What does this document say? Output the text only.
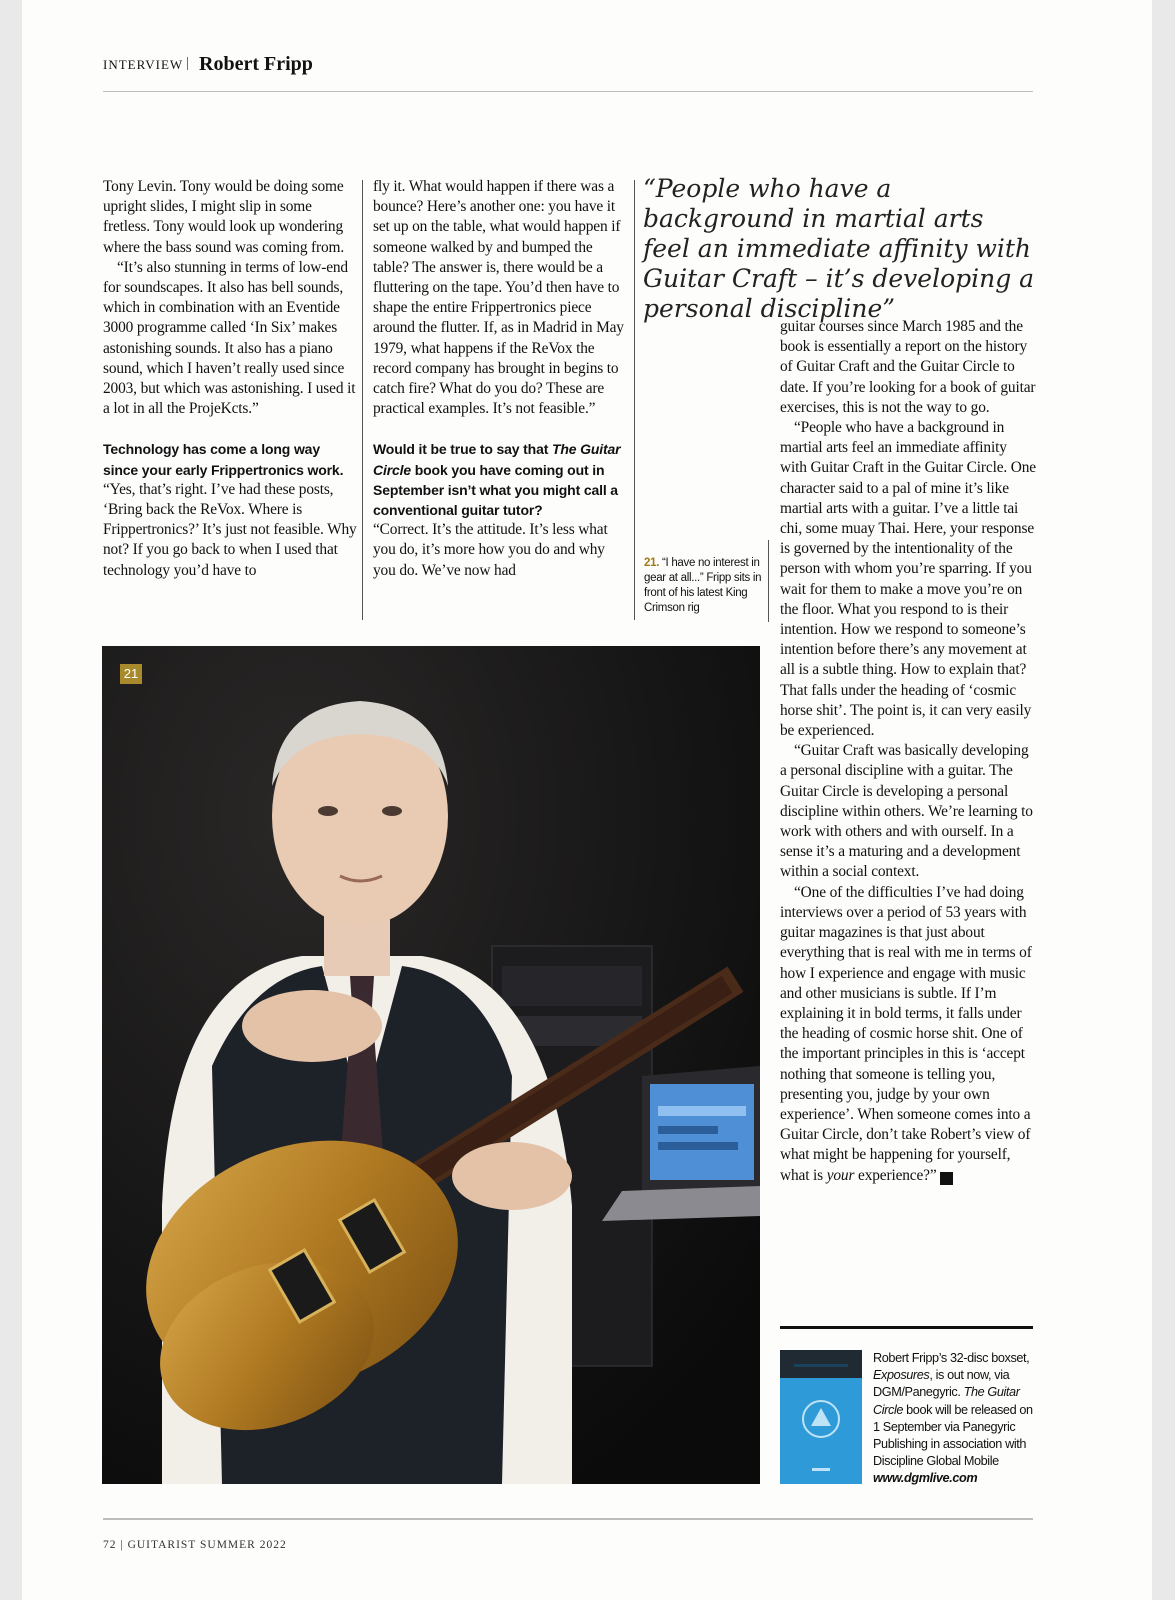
INTERVIEW | Robert Fripp

Tony Levin. Tony would be doing some upright slides, I might slip in some fretless. Tony would look up wondering where the bass sound was coming from.

“It’s also stunning in terms of low-end for soundscapes. It also has bell sounds, which in combination with an Eventide 3000 programme called ‘In Six’ makes astonishing sounds. It also has a piano sound, which I haven’t really used since 2003, but which was astonishing. I used it a lot in all the ProjeKcts.”

Technology has come a long way since your early Frippertronics work.

“Yes, that’s right. I’ve had these posts, ‘Bring back the ReVox. Where is Frippertronics?’ It’s just not feasible. Why not? If you go back to when I used that technology you’d have to

fly it. What would happen if there was a bounce? Here’s another one: you have it set up on the table, what would happen if someone walked by and bumped the table? The answer is, there would be a fluttering on the tape. You’d then have to shape the entire Frippertronics piece around the flutter. If, as in Madrid in May 1979, what happens if the ReVox the record company has brought in begins to catch fire? What do you do? These are practical examples. It’s not feasible.”

Would it be true to say that The Guitar Circle book you have coming out in September isn’t what you might call a conventional guitar tutor?

“Correct. It’s the attitude. It’s less what you do, it’s more how you do and why you do. We’ve now had

“People who have a background in martial arts feel an immediate affinity with Guitar Craft – it’s developing a personal discipline”
21. “I have no interest in gear at all...” Fripp sits in front of his latest King Crimson rig

guitar courses since March 1985 and the book is essentially a report on the history of Guitar Craft and the Guitar Circle to date. If you’re looking for a book of guitar exercises, this is not the way to go.

“People who have a background in martial arts feel an immediate affinity with Guitar Craft in the Guitar Circle. One character said to a pal of mine it’s like martial arts with a guitar. I’ve a little tai chi, some muay Thai. Here, your response is governed by the intentionality of the person with whom you’re sparring. If you wait for them to make a move you’re on the floor. What you respond to is their intention. How we respond to someone’s intention before there’s any movement at all is a subtle thing. How to explain that? That falls under the heading of ‘cosmic horse shit’. The point is, it can very easily be experienced.

“Guitar Craft was basically developing a personal discipline with a guitar. The Guitar Circle is developing a personal discipline within others. We’re learning to work with others and with ourself. In a sense it’s a maturing and a development within a social context.

“One of the difficulties I’ve had doing interviews over a period of 53 years with guitar magazines is that just about everything that is real with me in terms of how I experience and engage with music and other musicians is subtle. If I’m explaining it in bold terms, it falls under the heading of cosmic horse shit. One of the important principles in this is ‘accept nothing that someone is telling you, presenting you, judge by your own experience’. When someone comes into a Guitar Circle, don’t take Robert’s view of what might be happening for yourself, what is your experience?” G

21
Robert Fripp’s 32-disc boxset, Exposures, is out now, via DGM/Panegyric. The Guitar Circle book will be released on 1 September via Panegyric Publishing in association with Discipline Global Mobile
www.dgmlive.com
72 | GUITARIST SUMMER 2022
